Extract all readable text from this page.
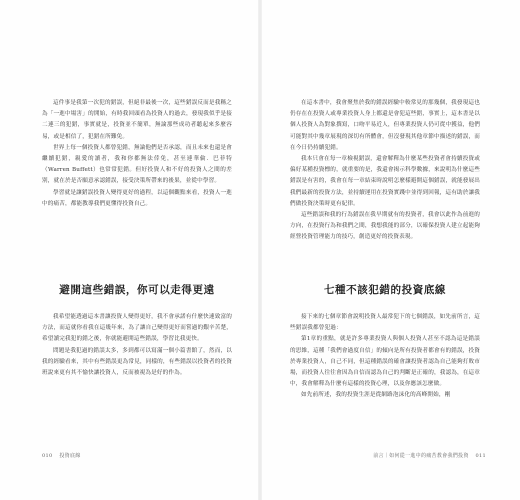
這件事是我第一次犯的錯誤，但絕非最後一次，這些錯誤反而是我稱之為「一進中場害」的開始，有時我回頭看為投資人的過去，發現我似乎是接二連三的犯錯，事實就是，投資並不簡單，無論那些成功者聽起來多麼容易，或是相信了，犯錯在所難免。

世界上每一個投資人都曾犯錯，無論他們是否承認，而且未來也還是會繼續犯錯，親愛的讀者，我和你都無法倖免，甚至連華倫．巴菲特（Warren Buffett）也常常犯錯。但好投資人和不好的投資人之間的差別，就在於是否願意承認錯誤，接受決策所帶來的後果，並從中學習。

學習就是讓錯誤投資人變得更好的過程，以這個觀點來看，投資人一進中的痛苦，都能教導我們更懂得投資自己。

避開這些錯誤，你可以走得更遠

我希望能透過這本書讓投資人變得更好，我不會承諾有什麼快速致富的方法，而這就你看我在這幾年來，為了讓自己變得更好而嘗過的艱辛苦楚，希望讀完我犯的錯之後，你就能避開這些錯誤，學習比我更快。

問題是我犯過的錯誤太多，多到都可以寫滿一個小篇書館了，然而，以我的經驗看來，其中有些錯誤更為常見，同樣的，有些錯誤以投資者的投資班說來更有其不愉快讓投資人，反而被視為是好的作為。

010 投資底線

在這本書中，我會聚焦於我的錯誤經驗中較常見的那幾個，我發現這也仍存在在投資人或專業投資人身上都還是會犯這些錯，事實上，這本書是以個人投資人為對象撰寫，口吻平易近人，但專業投資人仍可從中獲益，他們可能對其中幾章展現的深切有所體會，但沒發現其他章節中描述的錯誤，而在今日仍持續犯錯。

我本只會在每一章檢視錯誤，還會解釋為什麼某些投資者會持續投資或偏好某種投資標的，就重要的是，我還會揭示科學數據，來說明為什麼這些錯誤是有害的，我會在每一章結束時說明怎麼樣避開這個錯誤，就能發展出我們最新的投資方法，並持續運用在投資實踐中並得到回報，這有助於讓我們做投資決策時更有紀律。

這些錯誤和我的行為錯誤在我早期就有的投資者，我會以此作為前進的方向，在投資行為和我們之間，我想我能的部分，以確保投資人建立起能夠經營投資管理能力的技巧，創造更好的投資表現。

七種不該犯錯的投資底線

接下來的七個章節會說明投資人最常犯下的七個錯誤，如先前所言，這些錯誤我都曾犯過：

第1章的重點，就是許多專業投資人與個人投資人甚至不認為這是錯誤的思維，這種「我們會過度自信」的傾向是所有投資者都會有的錯誤，投資於專業投資人，自己不同，但這種錯誤的確會讓投資者認為自己能夠打敗市場，而投資人往往會因為自信而認為自己的判斷是正確的，我認為，在這章中，我會解釋為什麼有這樣的投資心理，以及你應該怎麼做。

如先前所述，我的投資生涯是從網路泡沫化的高峰開始，剛

前言｜如何從一進中的痛苦教會我們投資 011
